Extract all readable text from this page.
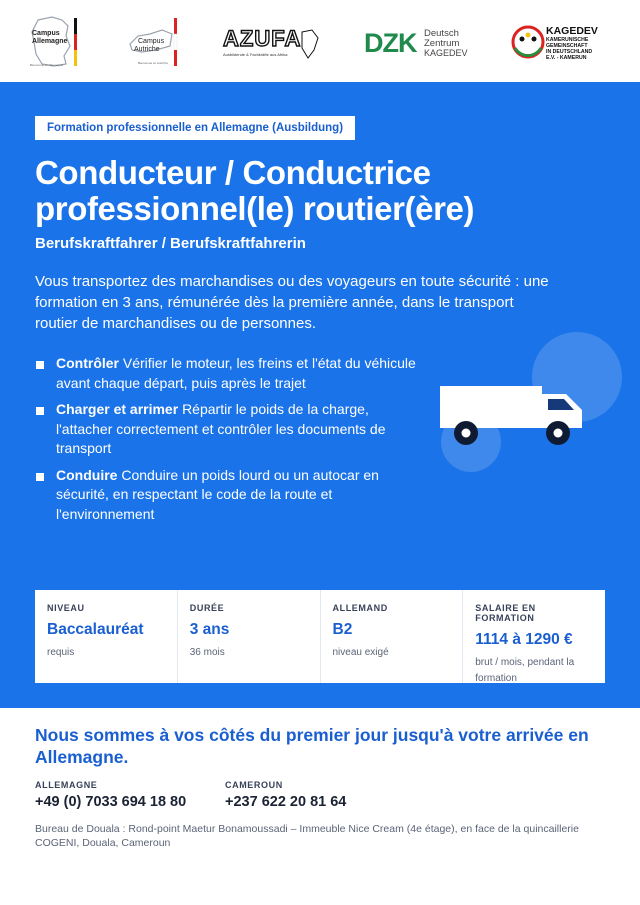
Campus
Allemagne
Bienvenue en Allemagne
Campus
Autriche
Bienvenue en Autriche
AZUFA
Ausbildende & Fachkräfte aus Afrika	DZK Deutsch
Zentrum
KAGEDEV
KAGEDEV
KAMERUNISCHE
GEMEINSCHAFT
IN DEUTSCHLAND
E.V. - KAMERUN
Formation professionnelle en Allemagne (Ausbildung)
Conducteur / Conductrice
professionnel(le) routier(ère)
Berufskraftfahrer / Berufskraftfahrerin

Vous transportez des marchandises ou des voyageurs en toute sécurité : une formation en 3 ans, rémunérée dès la première année, dans le transport routier de marchandises ou de personnes.

Contrôler Vérifier le moteur, les freins et l'état du véhicule avant chaque départ, puis après le trajet
Charger et arrimer Répartir le poids de la charge, l'attacher correctement et contrôler les documents de transport
Conduire Conduire un poids lourd ou un autocar en sécurité, en respectant le code de la route et l'environnement
NIVEAU
Baccalauréat
requis
DURÉE
3 ans
36 mois
ALLEMAND
B2
niveau exigé
SALAIRE EN FORMATION
1114 à 1290 €
brut / mois, pendant la formation
Nous sommes à vos côtés du premier jour jusqu'à votre arrivée en Allemagne.
ALLEMAGNE
+49 (0) 7033 694 18 80
CAMEROUN
+237 622 20 81 64

Bureau de Douala : Rond-point Maetur Bonamoussadi – Immeuble Nice Cream (4e étage), en face de la quincaillerie COGENI, Douala, Cameroun
